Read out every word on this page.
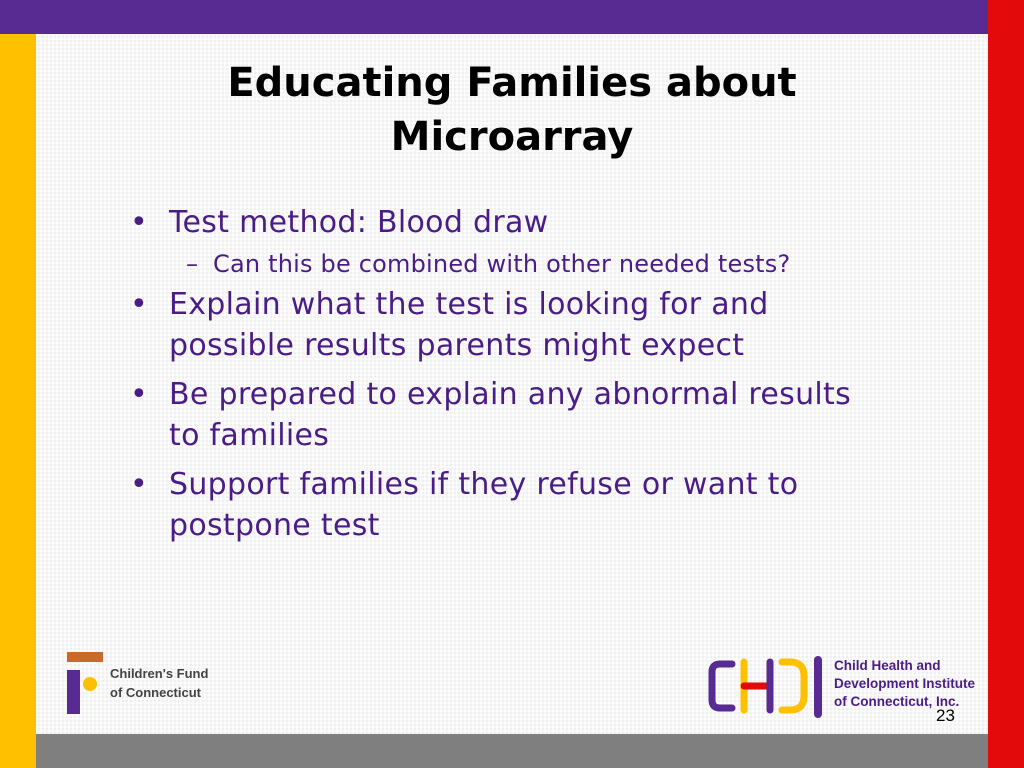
Educating Families about
Microarray
• Test method: Blood draw
– Can this be combined with other needed tests?
• Explain what the test is looking for and
possible results parents might expect
• Be prepared to explain any abnormal results
to families
• Support families if they refuse or want to
postpone test
Children's Fund
of Connecticut
Child Health and
Development Institute
of Connecticut, Inc.
23
